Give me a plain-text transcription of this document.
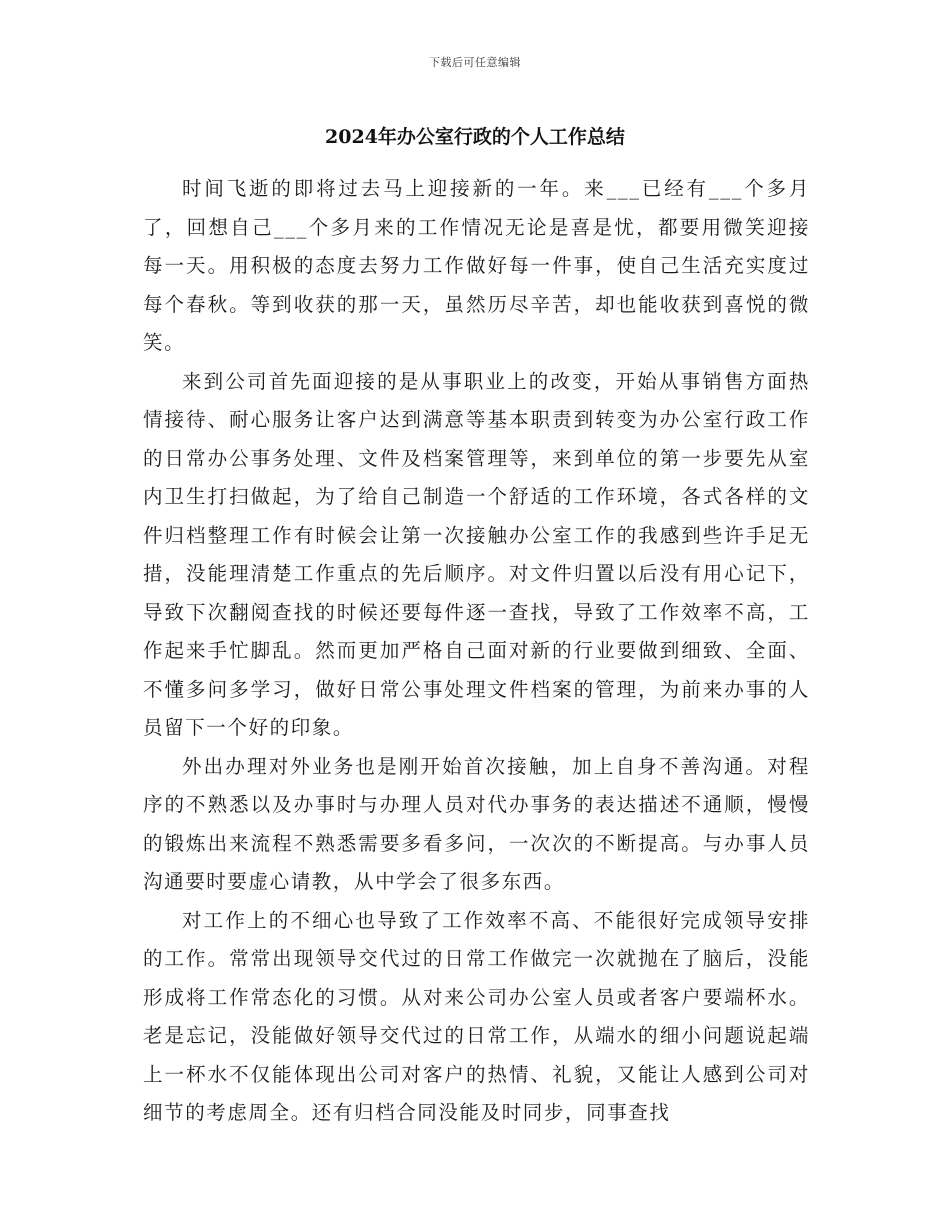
下载后可任意编辑
2024年办公室行政的个人工作总结

时间飞逝的即将过去马上迎接新的一年。来___已经有___个多月了，回想自己___个多月来的工作情况无论是喜是忧，都要用微笑迎接每一天。用积极的态度去努力工作做好每一件事，使自己生活充实度过每个春秋。等到收获的那一天，虽然历尽辛苦，却也能收获到喜悦的微笑。

来到公司首先面迎接的是从事职业上的改变，开始从事销售方面热情接待、耐心服务让客户达到满意等基本职责到转变为办公室行政工作的日常办公事务处理、文件及档案管理等，来到单位的第一步要先从室内卫生打扫做起，为了给自己制造一个舒适的工作环境，各式各样的文件归档整理工作有时候会让第一次接触办公室工作的我感到些许手足无措，没能理清楚工作重点的先后顺序。对文件归置以后没有用心记下，导致下次翻阅查找的时候还要每件逐一查找，导致了工作效率不高，工作起来手忙脚乱。然而更加严格自己面对新的行业要做到细致、全面、不懂多问多学习，做好日常公事处理文件档案的管理，为前来办事的人员留下一个好的印象。

外出办理对外业务也是刚开始首次接触，加上自身不善沟通。对程序的不熟悉以及办事时与办理人员对代办事务的表达描述不通顺，慢慢的锻炼出来流程不熟悉需要多看多问，一次次的不断提高。与办事人员沟通要时要虚心请教，从中学会了很多东西。

对工作上的不细心也导致了工作效率不高、不能很好完成领导安排的工作。常常出现领导交代过的日常工作做完一次就抛在了脑后，没能形成将工作常态化的习惯。从对来公司办公室人员或者客户要端杯水。老是忘记，没能做好领导交代过的日常工作，从端水的细小问题说起端上一杯水不仅能体现出公司对客户的热情、礼貌，又能让人感到公司对细节的考虑周全。还有归档合同没能及时同步，同事查找
